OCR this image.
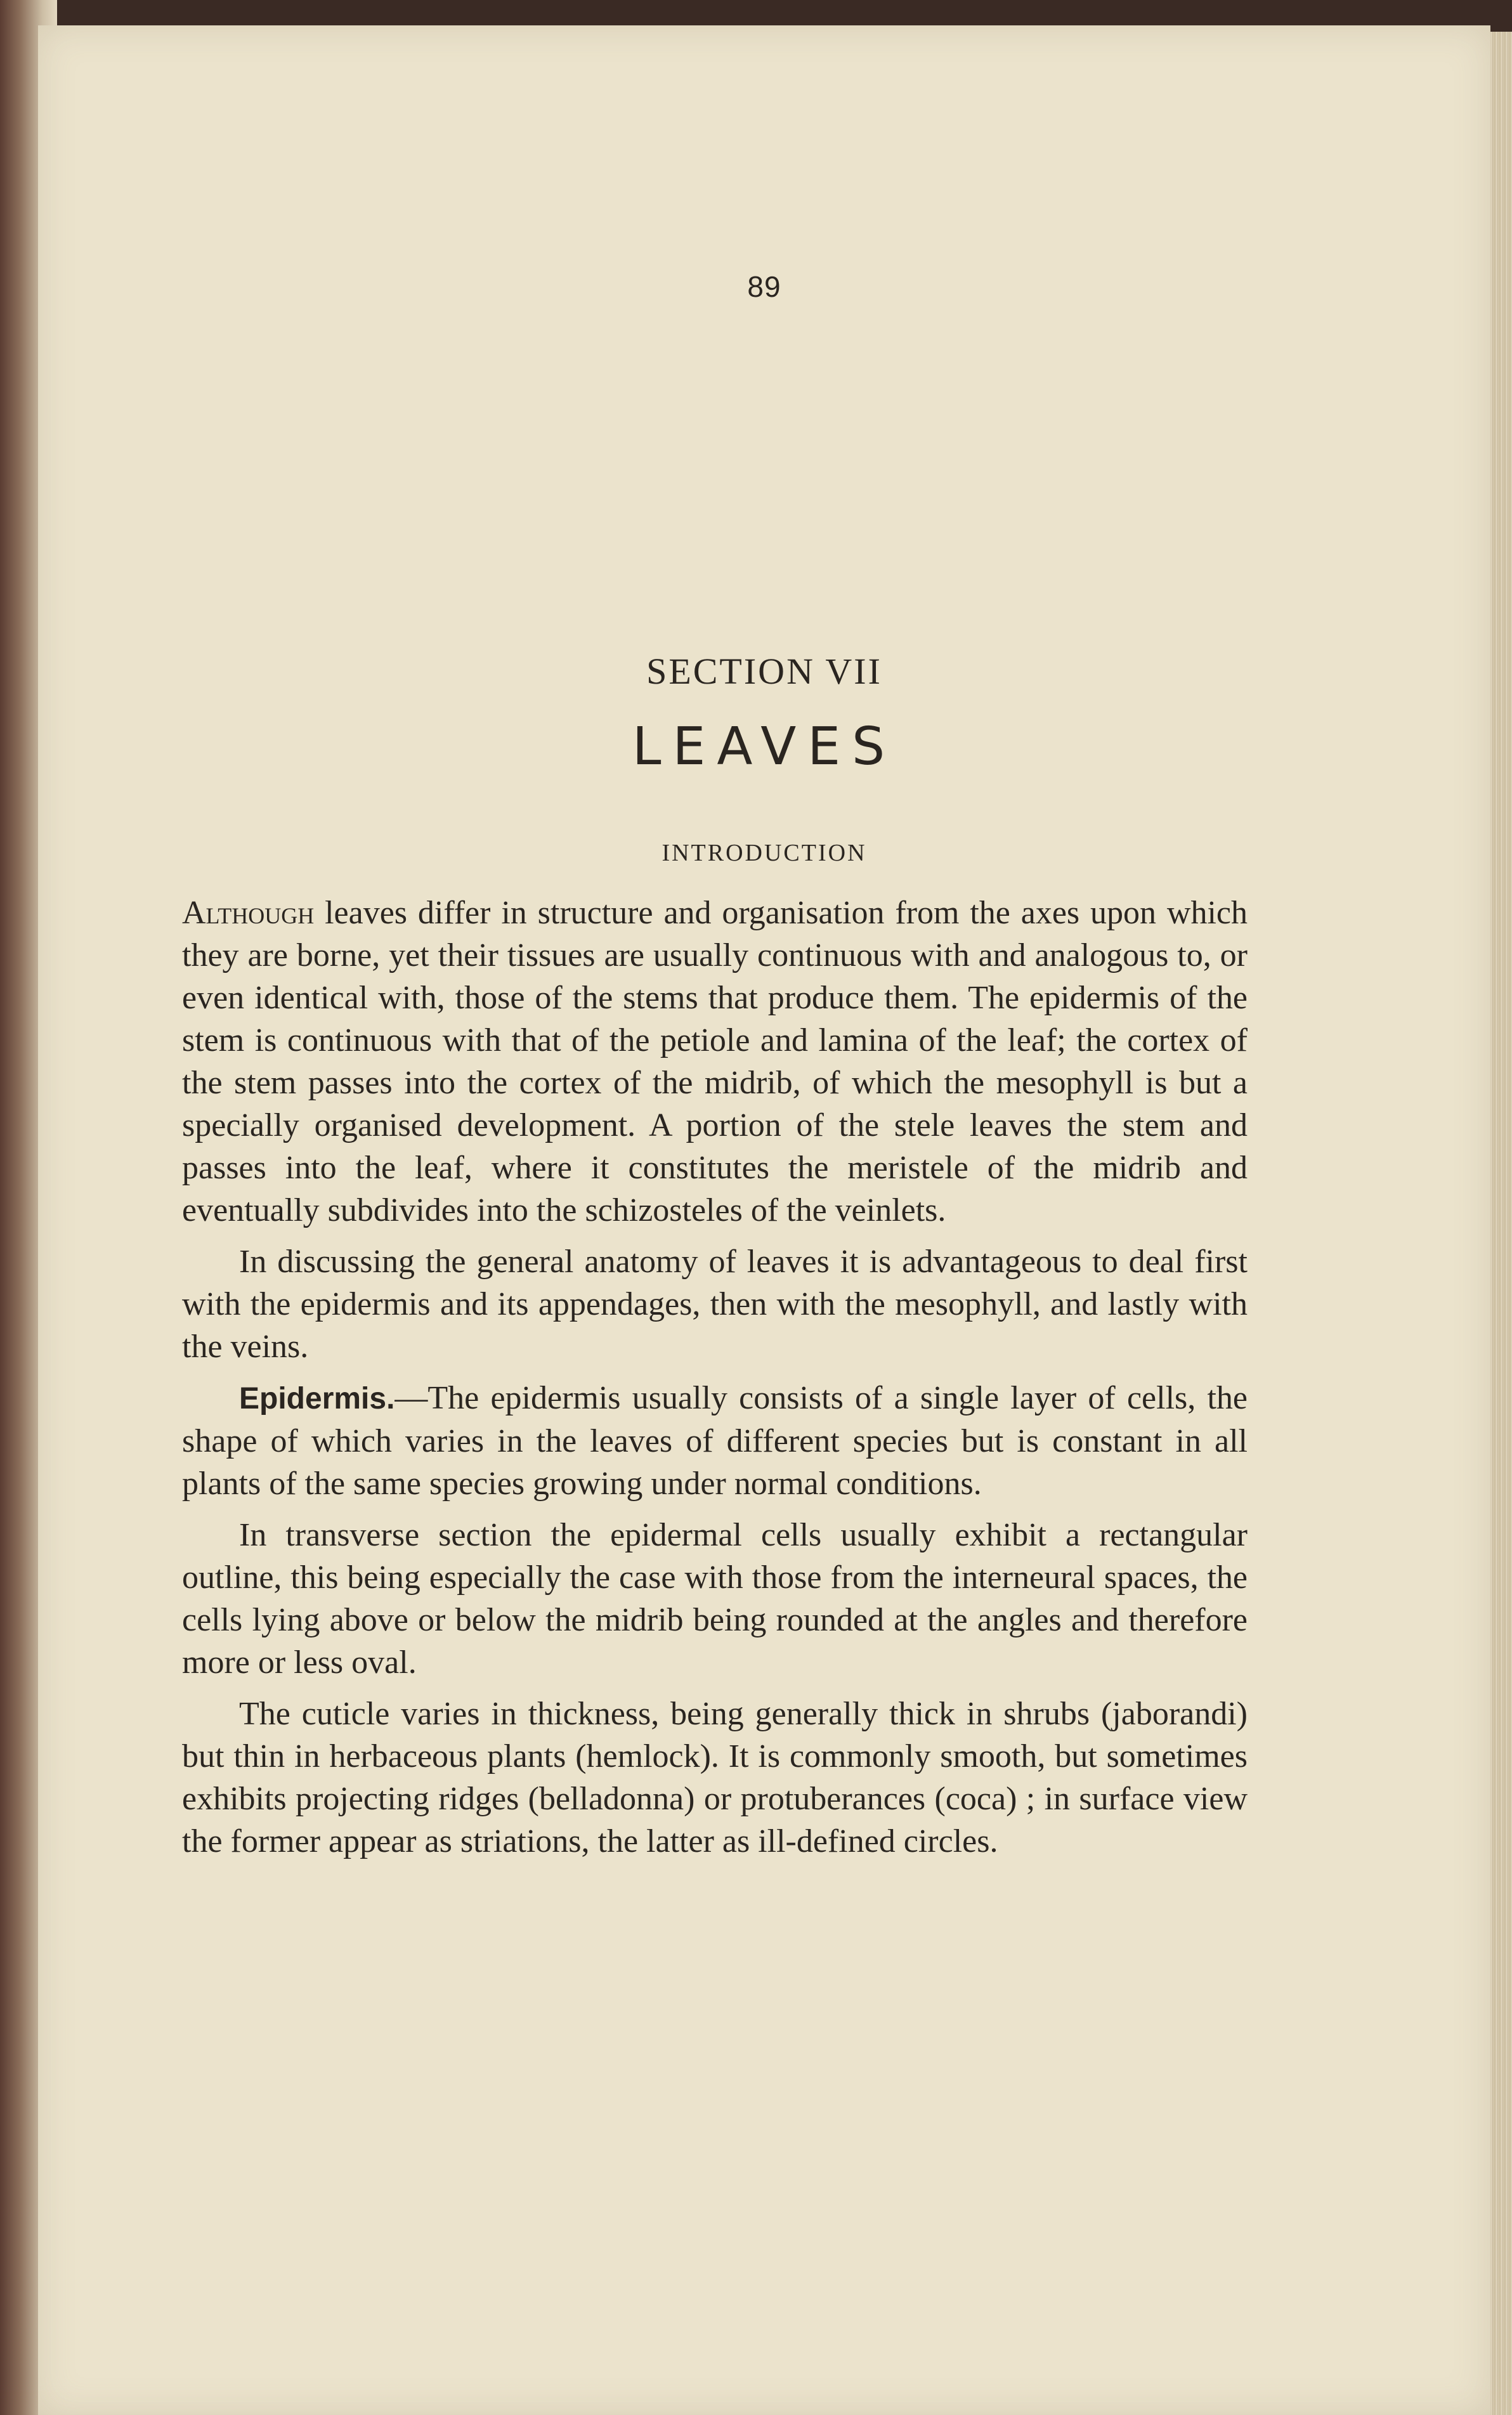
89
SECTION VII
LEAVES
INTRODUCTION

Although leaves differ in structure and organisation from the axes upon which they are borne, yet their tissues are usually continuous with and analogous to, or even identical with, those of the stems that produce them. The epidermis of the stem is continuous with that of the petiole and lamina of the leaf; the cortex of the stem passes into the cortex of the midrib, of which the mesophyll is but a specially organised development. A portion of the stele leaves the stem and passes into the leaf, where it constitutes the meristele of the midrib and eventually subdivides into the schizosteles of the veinlets.

In discussing the general anatomy of leaves it is advantageous to deal first with the epidermis and its appendages, then with the mesophyll, and lastly with the veins.

Epidermis.—The epidermis usually consists of a single layer of cells, the shape of which varies in the leaves of different species but is constant in all plants of the same species growing under normal conditions.

In transverse section the epidermal cells usually exhibit a rectangular outline, this being especially the case with those from the interneural spaces, the cells lying above or below the midrib being rounded at the angles and therefore more or less oval.

The cuticle varies in thickness, being generally thick in shrubs (jaborandi) but thin in herbaceous plants (hemlock). It is commonly smooth, but sometimes exhibits projecting ridges (belladonna) or protuberances (coca) ; in surface view the former appear as striations, the latter as ill-defined circles.
